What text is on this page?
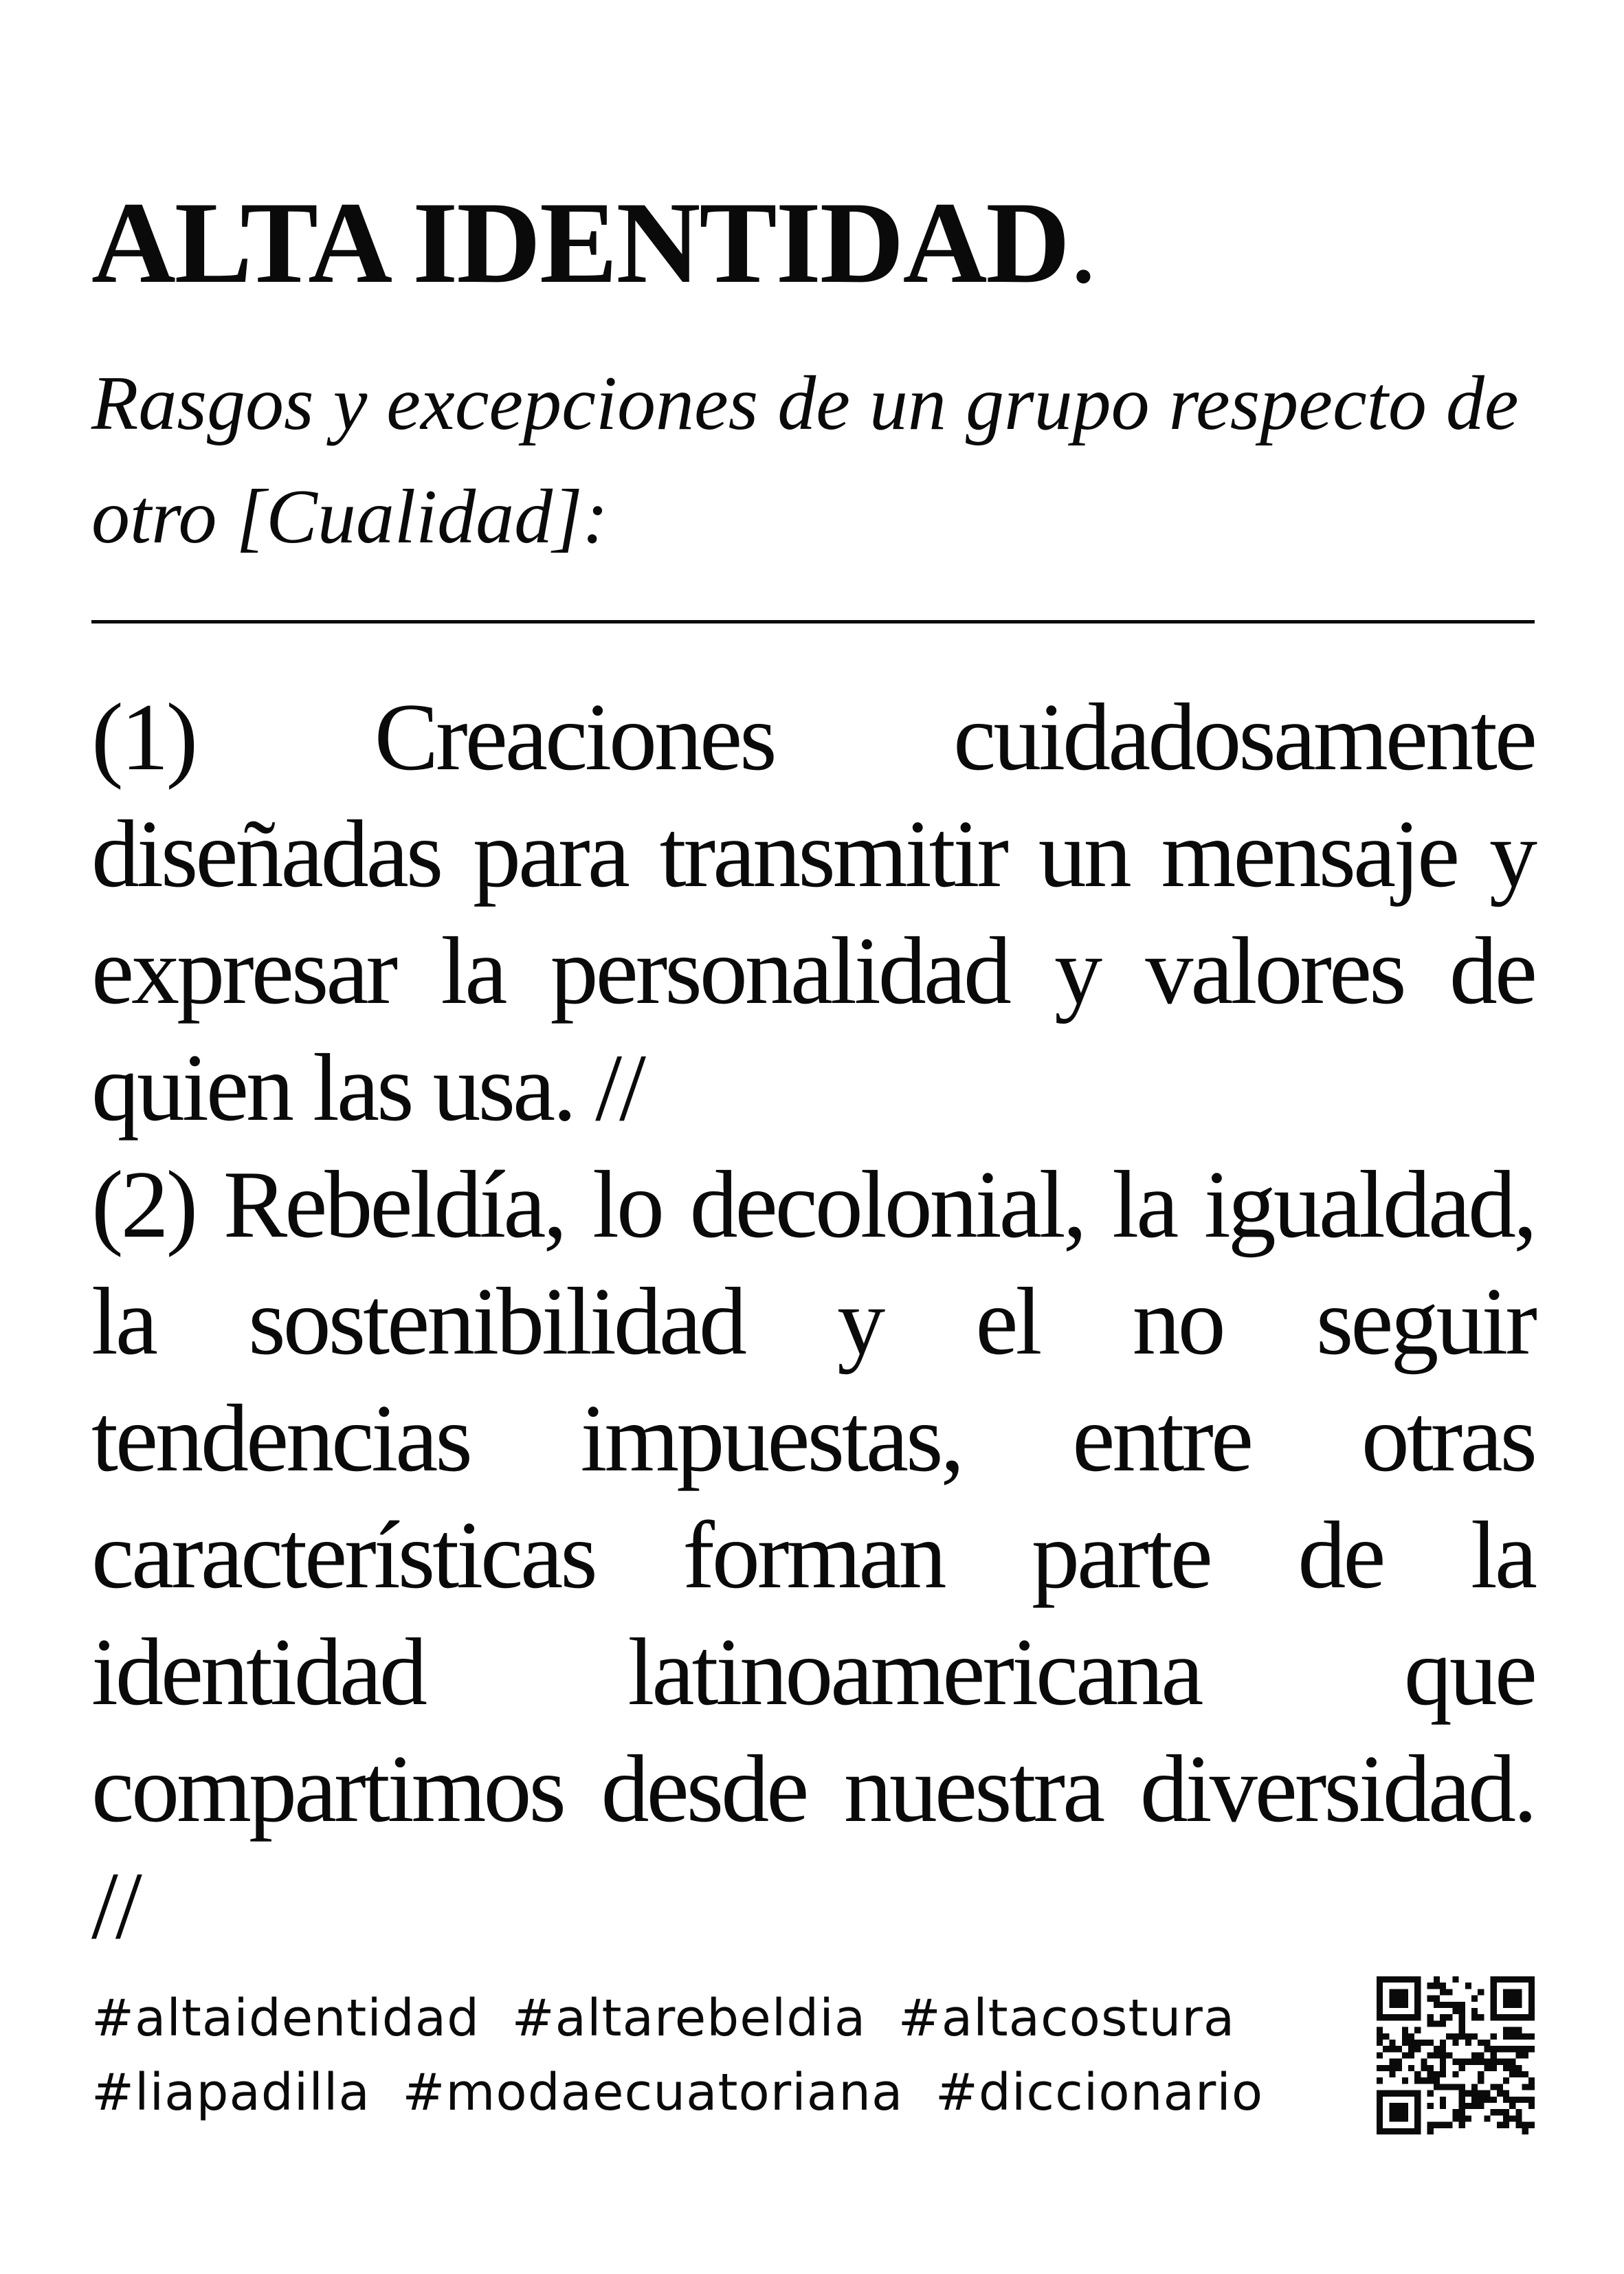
ALTA IDENTIDAD.

Rasgos y excepciones de un grupo respecto de otro [Cualidad]:

(1) Creaciones cuidadosamente diseñadas para transmitir un mensaje y expresar la personalidad y valores de quien las usa. //

(2) Rebeldía, lo decolonial, la igualdad, la sostenibilidad y el no seguir tendencias impuestas, entre otras características forman parte de la identidad latinoamericana que compartimos desde nuestra diversidad. //

#altaidentidad #altarebeldia #altacostura
#liapadilla #modaecuatoriana #diccionario
